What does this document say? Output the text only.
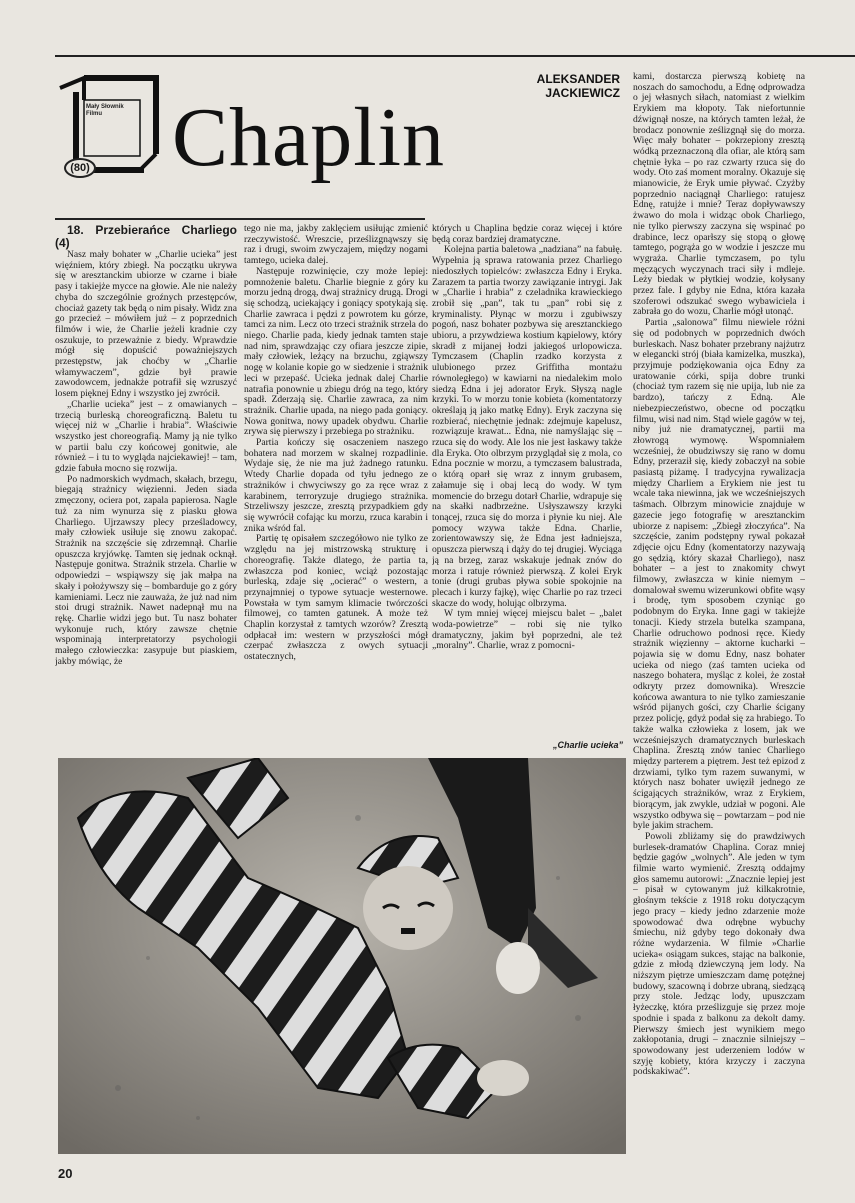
Mały Słownik Filmu
(80) Chaplin
ALEKSANDER JACKIEWICZ

18. Przebierańce Charliego (4)

Nasz mały bohater w „Charlie ucieka” jest więźniem, który zbiegł. Na początku ukrywa się w aresztanckim ubiorze w czarne i białe pasy i takiejże mycce na głowie. Ale nie należy chyba do szczególnie groźnych przestępców, chociaż gazety tak będą o nim pisały. Widz zna go przecież – mówiłem już – z poprzednich filmów i wie, że Charlie jeżeli kradnie czy oszukuje, to przeważnie z biedy. Wprawdzie mógł się dopuścić poważniejszych przestępstw, jak choćby w „Charlie włamywaczem”, gdzie był prawie zawodowcem, jednakże potrafił się wzruszyć losem pięknej Edny i wszystko jej zwrócił.

„Charlie ucieka” jest – z omawianych – trzecią burleską choreograficzną. Baletu tu więcej niż w „Charlie i hrabia”. Właściwie wszystko jest choreografią. Mamy ją nie tylko w partii balu czy końcowej gonitwie, ale również – i tu to wygląda najciekawiej! – tam, gdzie fabuła mocno się rozwija.

Po nadmorskich wydmach, skałach, brzegu, biegają strażnicy więzienni. Jeden siada zmęczony, ociera pot, zapala papierosa. Nagle tuż za nim wynurza się z piasku głowa Charliego. Ujrzawszy plecy prześladowcy, mały człowiek usiłuje się znowu zakopać. Strażnik na szczęście się zdrzemnął. Charlie opuszcza kryjówkę. Tamten się jednak ocknął. Następuje gonitwa. Strażnik strzela. Charlie w odpowiedzi – wspiąwszy się jak małpa na skały i położywszy się – bombarduje go z góry kamieniami. Lecz nie zauważa, że już nad nim stoi drugi strażnik. Nawet nadepnął mu na rękę. Charlie widzi jego but. Tu nasz bohater wykonuje ruch, który zawsze chętnie wspominają interpretatorzy psychologii małego człowieczka: zasypuje but piaskiem, jakby mówiąc, że

tego nie ma, jakby zaklęciem usiłując zmienić rzeczywistość. Wreszcie, prześlizgnąwszy się raz i drugi, swoim zwyczajem, między nogami tamtego, ucieka dalej.

Następuje rozwinięcie, czy może lepiej: pomnożenie baletu. Charlie biegnie z góry ku morzu jedną drogą, dwaj strażnicy drugą. Drogi się schodzą, uciekający i goniący spotykają się. Charlie zawraca i pędzi z powrotem ku górze, tamci za nim. Lecz oto trzeci strażnik strzela do niego. Charlie pada, kiedy jednak tamten staje nad nim, sprawdzając czy ofiara jeszcze zipie, mały człowiek, leżący na brzuchu, zgiąwszy nogę w kolanie kopie go w siedzenie i strażnik leci w przepaść. Ucieka jednak dalej Charlie natrafia ponownie u zbiegu dróg na tego, który spadł. Zderzają się. Charlie zawraca, za nim strażnik. Charlie upada, na niego pada goniący. Nowa gonitwa, nowy upadek obydwu. Charlie zrywa się pierwszy i przebiega po strażniku.

Partia kończy się osaczeniem naszego bohatera nad morzem w skalnej rozpadlinie. Wydaje się, że nie ma już żadnego ratunku. Wtedy Charlie dopada od tyłu jednego ze strażników i chwyciwszy go za ręce wraz z karabinem, terroryzuje drugiego strażnika. Strzeliwszy jeszcze, zresztą przypadkiem gdy się wywrócił cofając ku morzu, rzuca karabin i znika wśród fal.

Partię tę opisałem szczegółowo nie tylko ze względu na jej mistrzowską strukturę i choreografię. Także dlatego, że partia ta, zwłaszcza pod koniec, wciąż pozostając burleską, zdaje się „ocierać” o western, a przynajmniej o typowe sytuacje westernowe. Powstała w tym samym klimacie twórczości filmowej, co tamten gatunek. A może też Chaplin korzystał z tamtych wzorów? Zresztą odpłacał im: western w przyszłości mógł czerpać zwłaszcza z owych sytuacji ostatecznych,

których u Chaplina będzie coraz więcej i które będą coraz bardziej dramatyczne.

Kolejna partia baletowa „nadziana” na fabułę. Wypełnia ją sprawa ratowania przez Charliego niedoszłych topielców: zwłaszcza Edny i Eryka. Zarazem ta partia tworzy zawiązanie intrygi. Jak w „Charlie i hrabia” z czeladnika krawieckiego zrobił się „pan”, tak tu „pan” robi się z kryminalisty. Płynąc w morzu i zgubiwszy pogoń, nasz bohater pozbywa się aresztanckiego ubioru, a przywdziewa kostium kąpielowy, który skradł z mijanej łodzi jakiegoś urlopowicza. Tymczasem (Chaplin rzadko korzysta z ulubionego przez Griffitha montażu równoległego) w kawiarni na niedalekim molo siedzą Edna i jej adorator Eryk. Słyszą nagle krzyki. To w morzu tonie kobieta (komentatorzy określają ją jako matkę Edny). Eryk zaczyna się rozbierać, niechętnie jednak: zdejmuje kapelusz, rozwiązuje krawat... Edna, nie namyślając się – rzuca się do wody. Ale los nie jest łaskawy także dla Eryka. Oto olbrzym przyglądał się z mola, co Edna pocznie w morzu, a tymczasem balustrada, o którą oparł się wraz z innym grubasem, załamuje się i obaj lecą do wody. W tym momencie do brzegu dotarł Charlie, wdrapuje się na skałki nadbrzeżne. Usłyszawszy krzyki tonącej, rzuca się do morza i płynie ku niej. Ale pomocy wzywa także Edna. Charlie, zorientowawszy się, że Edna jest ładniejsza, opuszcza pierwszą i dąży do tej drugiej. Wyciąga ją na brzeg, zaraz wskakuje jednak znów do morza i ratuje również pierwszą. Z kolei Eryk tonie (drugi grubas pływa sobie spokojnie na plecach i kurzy fajkę), więc Charlie po raz trzeci skacze do wody, holując olbrzyma.

W tym mniej więcej miejscu balet – „balet woda-powietrze” – robi się nie tylko dramatyczny, jakim był poprzedni, ale też „moralny”. Charlie, wraz z pomocni-

kami, dostarcza pierwszą kobietę na noszach do samochodu, a Ednę odprowadza o jej własnych siłach, natomiast z wielkim Erykiem ma kłopoty. Tak niefortunnie dźwignął nosze, na których tamten leżał, że brodacz ponownie ześlizgnął się do morza. Więc mały bohater – pokrzepiony zresztą wódką przeznaczoną dla ofiar, ale którą sam chętnie łyka – po raz czwarty rzuca się do wody. Oto zaś moment moralny. Okazuje się mianowicie, że Eryk umie pływać. Czyżby poprzednio naciągnął Charliego: ratujesz Ednę, ratujże i mnie? Teraz dopływawszy żwawo do mola i widząc obok Charliego, nie tylko pierwszy zaczyna się wspinać po drabince, lecz oparłszy się stopą o głowę tamtego, pogrąża go w wodzie i jeszcze mu wygraża. Charlie tymczasem, po tylu męczących wyczynach traci siły i mdleje. Leży biedak w płytkiej wodzie, kołysany przez fale. I gdyby nie Edna, która kazała szoferowi odszukać swego wybawiciela i zabrała go do wozu, Charlie mógł utonąć.

Partia „salonowa” filmu niewiele różni się od podobnych w poprzednich dwóch burleskach. Nasz bohater przebrany najżutrz w elegancki strój (biała kamizelka, muszka), przyjmuje podziękowania ojca Edny za uratowanie córki, spija dobre trunki (chociaż tym razem się nie upija, lub nie za bardzo), tańczy z Edną. Ale niebezpieczeństwo, obecne od początku filmu, wisi nad nim. Stąd wiele gagów w tej, niby już nie dramatycznej, partii ma złowrogą wymowę. Wspomniałem wcześniej, że obudziwszy się rano w domu Edny, przeraził się, kiedy zobaczył na sobie pasiastą piżamę. I tradycyjna rywalizacja między Charliem a Erykiem nie jest tu wcale taka niewinna, jak we wcześniejszych taśmach. Olbrzym minowicie znajduje w gazecie jego fotografię w aresztanckim ubiorze z napisem: „Zbiegł złoczyńca”. Na szczęście, zanim podstępny rywal pokazał zdjęcie ojcu Edny (komentatorzy nazywają go sędzią, który skazał Charliego), nasz bohater – a jest to znakomity chwyt filmowy, zwłaszcza w kinie niemym – domalował swemu wizerunkowi obfite wąsy i brodę, tym sposobem czyniąc go podobnym do Eryka. Inne gagi w takiejże tonacji. Kiedy strzela butelka szampana, Charlie odruchowo podnosi ręce. Kiedy strażnik więzienny – aktorne kucharki – pojawia się w domu Edny, nasz bohater ucieka od niego (zaś tamten ucieka od naszego bohatera, myśląc z kolei, że został odkryty przez domownika). Wreszcie końcowa awantura to nie tylko zamieszanie wśród pijanych gości, czy Charlie ścigany przez policję, gdyż podał się za hrabiego. To także walka człowieka z losem, jak we wcześniejszych dramatycznych burleskach Chaplina. Zresztą znów taniec Charliego między parterem a piętrem. Jest też epizod z drzwiami, tylko tym razem suwanymi, w których nasz bohater uwięził jednego ze ścigających strażników, wraz z Erykiem, biorącym, jak zwykle, udział w pogoni. Ale wszystko odbywa się – powtarzam – pod nie byle jakim strachem.

Powoli zbliżamy się do prawdziwych burlesek-dramatów Chaplina. Coraz mniej będzie gagów „wolnych”. Ale jeden w tym filmie warto wymienić. Zresztą oddajmy głos samemu autorowi: „Znacznie lepiej jest – pisał w cytowanym już kilkakrotnie, głośnym tekście z 1918 roku dotyczącym jego pracy – kiedy jedno zdarzenie może spowodować dwa odrębne wybuchy śmiechu, niż gdyby tego dokonały dwa różne wydarzenia. W filmie »Charlie ucieka« osiągam sukces, stając na balkonie, gdzie z młodą dziewczyną jem lody. Na niższym piętrze umieszczam damę potężnej budowy, szacowną i dobrze ubraną, siedzącą przy stole. Jedząc lody, upuszczam łyżeczkę, która prześlizguje się przez moje spodnie i spada z balkonu za dekolt damy. Pierwszy śmiech jest wynikiem mego zakłopotania, drugi – znacznie silniejszy – spowodowany jest uderzeniem lodów w szyję kobiety, która krzyczy i zaczyna podskakiwać”.

„Charlie ucieka”
20
